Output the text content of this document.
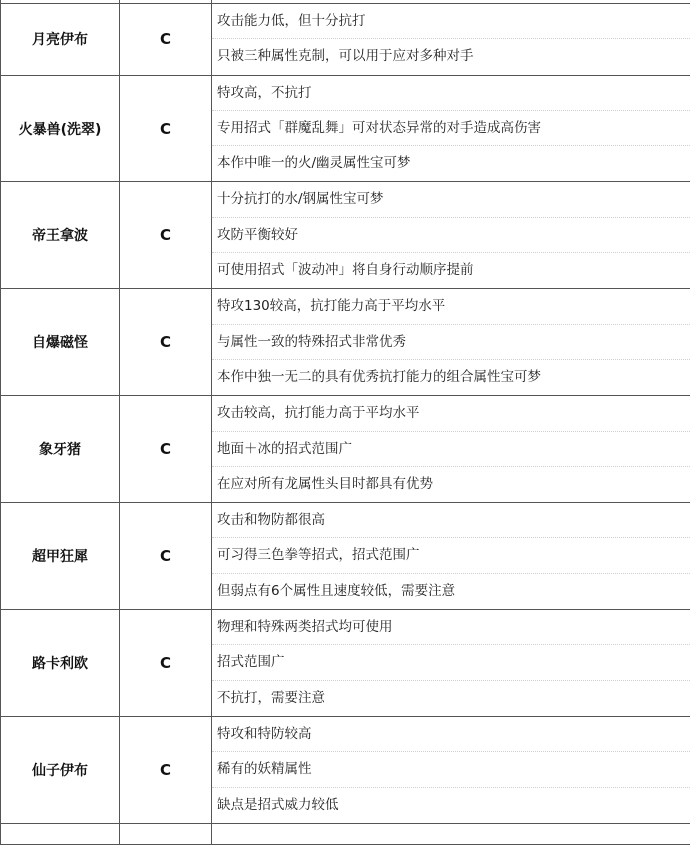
月亮伊布	C	攻击能力低，但十分抗打
只被三种属性克制，可以用于应对多种对手

火暴兽(洗翠)	C	特攻高，不抗打
专用招式「群魔乱舞」可对状态异常的对手造成高伤害
本作中唯一的火/幽灵属性宝可梦

帝王拿波	C	十分抗打的水/钢属性宝可梦
攻防平衡较好
可使用招式「波动冲」将自身行动顺序提前

自爆磁怪	C	特攻130较高，抗打能力高于平均水平
与属性一致的特殊招式非常优秀
本作中独一无二的具有优秀抗打能力的组合属性宝可梦

象牙猪	C	攻击较高，抗打能力高于平均水平
地面＋冰的招式范围广
在应对所有龙属性头目时都具有优势

超甲狂犀	C	攻击和物防都很高
可习得三色拳等招式，招式范围广
但弱点有6个属性且速度较低，需要注意

路卡利欧	C	物理和特殊两类招式均可使用
招式范围广
不抗打，需要注意

仙子伊布	C	特攻和特防较高
稀有的妖精属性
缺点是招式威力较低
